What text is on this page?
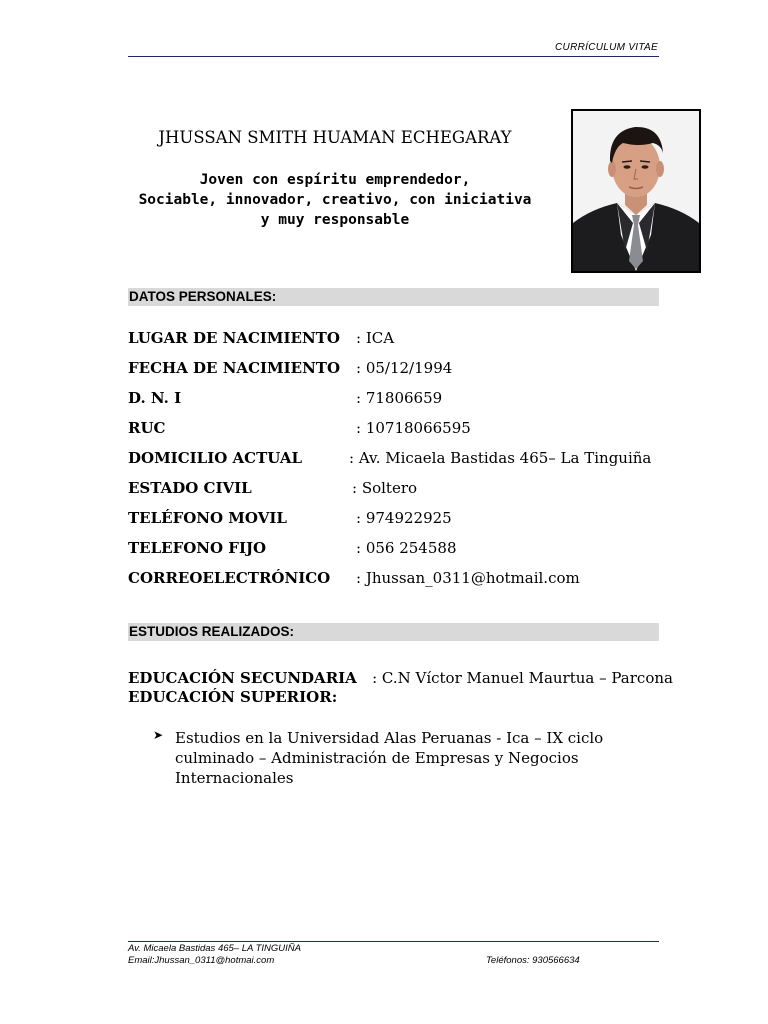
CURRÍCULUM VITAE
JHUSSAN SMITH HUAMAN ECHEGARAY
Joven con espíritu emprendedor,
Sociable, innovador, creativo, con iniciativa
y muy responsable
DATOS PERSONALES:
LUGAR DE NACIMIENTO : ICA
FECHA DE NACIMIENTO : 05/12/1994
D. N. I	: 71806659
RUC	: 10718066595
DOMICILIO ACTUAL	: Av. Micaela Bastidas 465– La Tinguiña
ESTADO CIVIL	: Soltero
TELÉFONO MOVIL	: 974922925
TELEFONO FIJO	: 056 254588
CORREOELECTRÓNICO : Jhussan_0311@hotmail.com
ESTUDIOS REALIZADOS:
EDUCACIÓN SECUNDARIA : C.N Víctor Manuel Maurtua – Parcona
EDUCACIÓN SUPERIOR:
➤ Estudios en la Universidad Alas Peruanas - Ica – IX ciclo culminado – Administración de Empresas y Negocios Internacionales
Av. Micaela Bastidas 465– LA TINGUIÑA
Email:Jhussan_0311@hotmai.com	Teléfonos: 930566634
